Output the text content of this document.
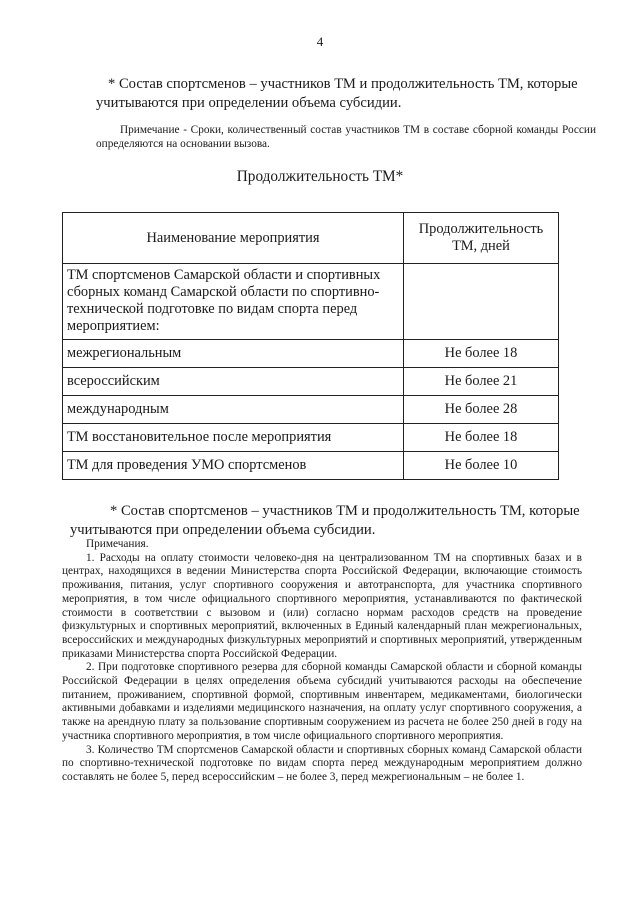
4
* Состав спортсменов – участников ТМ и продолжительность ТМ, которые учитываются при определении объема субсидии.
Примечание - Сроки, количественный состав участников ТМ в составе сборной команды России определяются на основании вызова.
Продолжительность ТМ*
Наименование мероприятия	Продолжительность ТМ, дней
ТМ спортсменов Самарской области и спортивных сборных команд Самарской области по спортивно-технической подготовке по видам спорта перед мероприятием:	
межрегиональным	Не более 18
всероссийским	Не более 21
международным	Не более 28
ТМ восстановительное после мероприятия	Не более 18
ТМ для проведения УМО спортсменов	Не более 10
* Состав спортсменов – участников ТМ и продолжительность ТМ, которые учитываются при определении объема субсидии.

Примечания.

1. Расходы на оплату стоимости человеко-дня на централизованном ТМ на спортивных базах и в центрах, находящихся в ведении Министерства спорта Российской Федерации, включающие стоимость проживания, питания, услуг спортивного сооружения и автотранспорта, для участника спортивного мероприятия, в том числе официального спортивного мероприятия, устанавливаются по фактической стоимости в соответствии с вызовом и (или) согласно нормам расходов средств на проведение физкультурных и спортивных мероприятий, включенных в Единый календарный план межрегиональных, всероссийских и международных физкультурных мероприятий и спортивных мероприятий, утвержденным приказами Министерства спорта Российской Федерации.

2. При подготовке спортивного резерва для сборной команды Самарской области и сборной команды Российской Федерации в целях определения объема субсидий учитываются расходы на обеспечение питанием, проживанием, спортивной формой, спортивным инвентарем, медикаментами, биологически активными добавками и изделиями медицинского назначения, на оплату услуг спортивного сооружения, а также на арендную плату за пользование спортивным сооружением из расчета не более 250 дней в году на участника спортивного мероприятия, в том числе официального спортивного мероприятия.

3. Количество ТМ спортсменов Самарской области и спортивных сборных команд Самарской области по спортивно-технической подготовке по видам спорта перед международным мероприятием должно составлять не более 5, перед всероссийским – не более 3, перед межрегиональным – не более 1.
